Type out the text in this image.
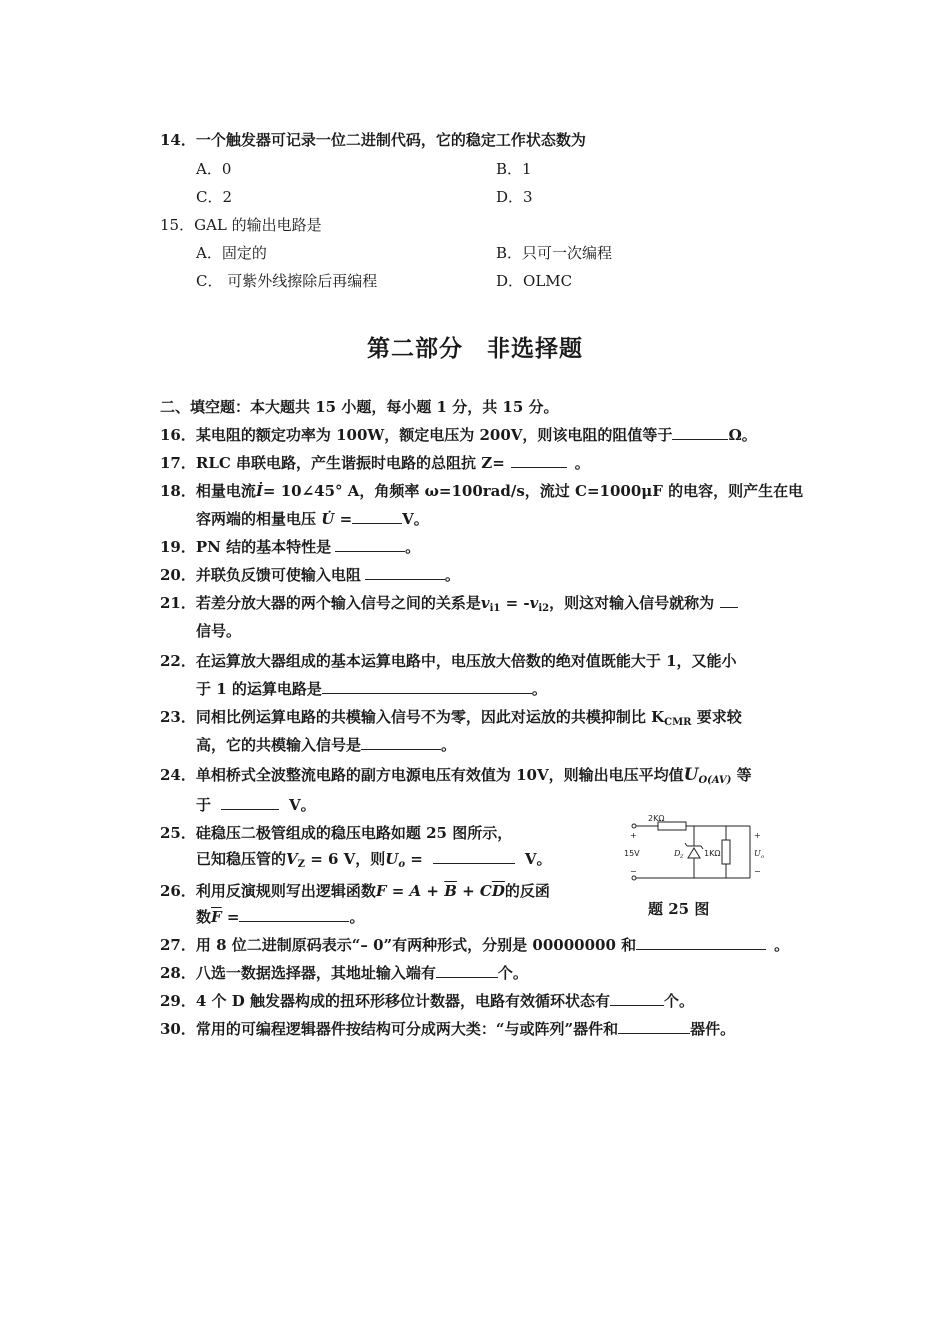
14．一个触发器可记录一位二进制代码，它的稳定工作状态数为
A．0	B．1
C．2	D．3
15．GAL 的输出电路是
A．固定的	B．只可一次编程
C． 可紫外线擦除后再编程	D．OLMC
第二部分　非选择题
二、填空题：本大题共 15 小题，每小题 1 分，共 15 分。
16．某电阻的额定功率为 100W，额定电压为 200V，则该电阻的阻值等于	Ω。
17．RLC 串联电路，产生谐振时电路的总阻抗 Z=	。
18．相量电流İ= 10∠45° A，角频率 ω=100rad/s，流过 C=1000μF 的电容，则产生在电
容两端的相量电压 U̇ =	V。
19．PN 结的基本特性是	。
20．并联负反馈可使输入电阻	。
21．若差分放大器的两个输入信号之间的关系是$v_{i1} = -v_{i2}$，则这对输入信号就称为
信号。
22．在运算放大器组成的基本运算电路中，电压放大倍数的绝对值既能大于 1，又能小
于 1 的运算电路是	。
23．同相比例运算电路的共模输入信号不为零，因此对运放的共模抑制比 $K_{CMR}$ 要求较
高，它的共模输入信号是	。
24．单相桥式全波整流电路的副方电源电压有效值为 10V，则输出电压平均值$U_{O(AV)}$ 等
于	V。
25．硅稳压二极管组成的稳压电路如题 25 图所示，
已知稳压管的$V_Z = 6$ V，则$U_o$ =	V。
26．利用反演规则写出逻辑函数$F = A + \overline{B} + C\overline{D}$的反函
数$\overline{F}$ =	。
27．用 8 位二进制原码表示“– 0”有两种形式，分别是 00000000 和	。
28．八选一数据选择器，其地址输入端有	个。
29．4 个 D 触发器构成的扭环形移位计数器，电路有效循环状态有	个。
30．常用的可编程逻辑器件按结构可分成两大类：“与或阵列”器件和	器件。
2KΩ
+
15V
−
D Z	1KΩ
+
U o
−
题 25 图
